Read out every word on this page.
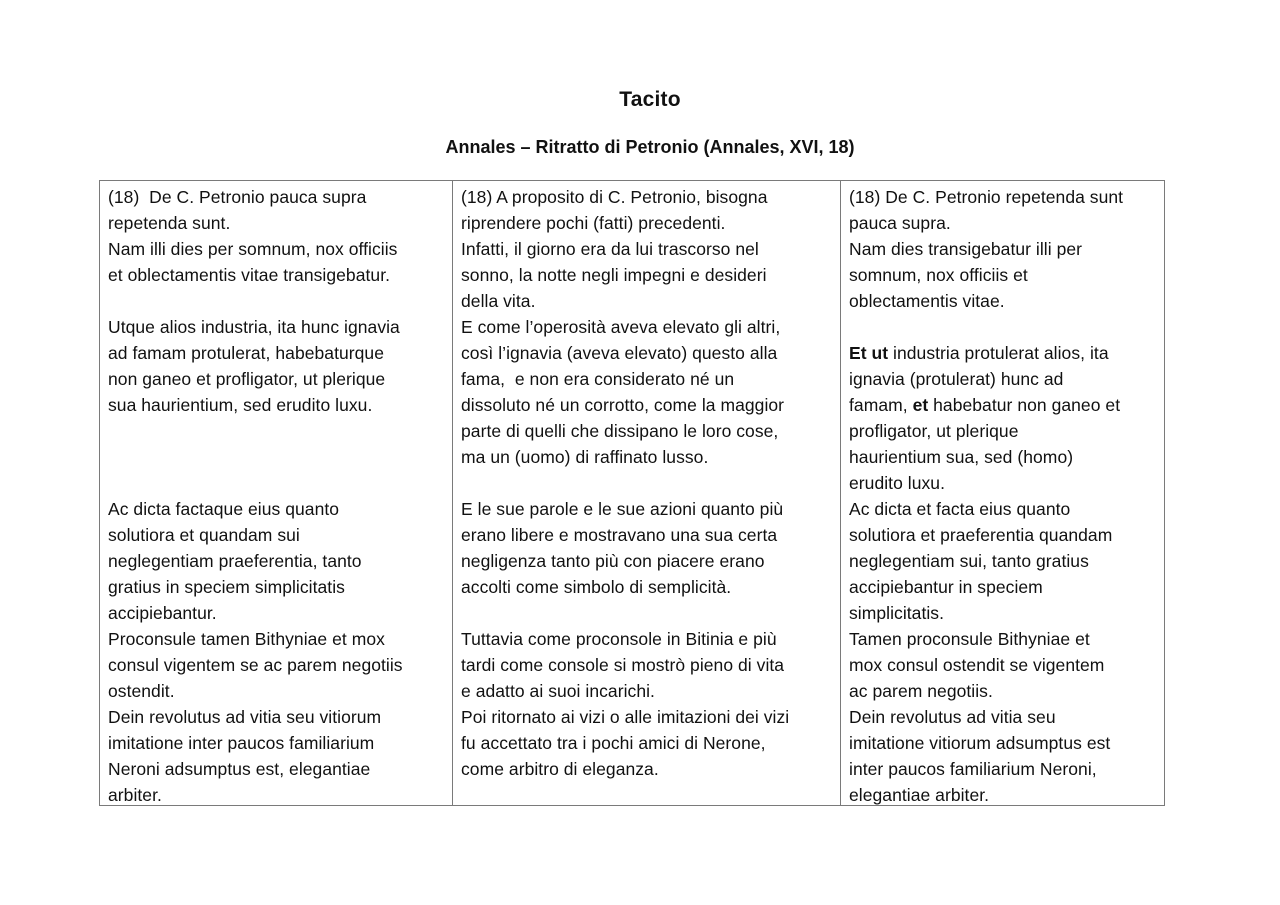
Tacito
Annales – Ritratto di Petronio (Annales, XVI, 18)
(18)  De C. Petronio pauca supra
repetenda sunt.
Nam illi dies per somnum, nox officiis
et oblectamentis vitae transigebatur.
Utque alios industria, ita hunc ignavia
ad famam protulerat, habebaturque
non ganeo et profligator, ut plerique
sua haurientium, sed erudito luxu.
Ac dicta factaque eius quanto
solutiora et quandam sui
neglegentiam praeferentia, tanto
gratius in speciem simplicitatis
accipiebantur.
Proconsule tamen Bithyniae et mox
consul vigentem se ac parem negotiis
ostendit.
Dein revolutus ad vitia seu vitiorum
imitatione inter paucos familiarium
Neroni adsumptus est, elegantiae
arbiter.
(18) A proposito di C. Petronio, bisogna
riprendere pochi (fatti) precedenti.
Infatti, il giorno era da lui trascorso nel
sonno, la notte negli impegni e desideri
della vita.
E come l’operosità aveva elevato gli altri,
così l’ignavia (aveva elevato) questo alla
fama,  e non era considerato né un
dissoluto né un corrotto, come la maggior
parte di quelli che dissipano le loro cose,
ma un (uomo) di raffinato lusso.
E le sue parole e le sue azioni quanto più
erano libere e mostravano una sua certa
negligenza tanto più con piacere erano
accolti come simbolo di semplicità.
Tuttavia come proconsole in Bitinia e più
tardi come console si mostrò pieno di vita
e adatto ai suoi incarichi.
Poi ritornato ai vizi o alle imitazioni dei vizi
fu accettato tra i pochi amici di Nerone,
come arbitro di eleganza.
(18) De C. Petronio repetenda sunt
pauca supra.
Nam dies transigebatur illi per
somnum, nox officiis et
oblectamentis vitae.
Et ut industria protulerat alios, ita
ignavia (protulerat) hunc ad
famam, et habebatur non ganeo et
profligator, ut plerique
haurientium sua, sed (homo)
erudito luxu.
Ac dicta et facta eius quanto
solutiora et praeferentia quandam
neglegentiam sui, tanto gratius
accipiebantur in speciem
simplicitatis.
Tamen proconsule Bithyniae et
mox consul ostendit se vigentem
ac parem negotiis.
Dein revolutus ad vitia seu
imitatione vitiorum adsumptus est
inter paucos familiarium Neroni,
elegantiae arbiter.
